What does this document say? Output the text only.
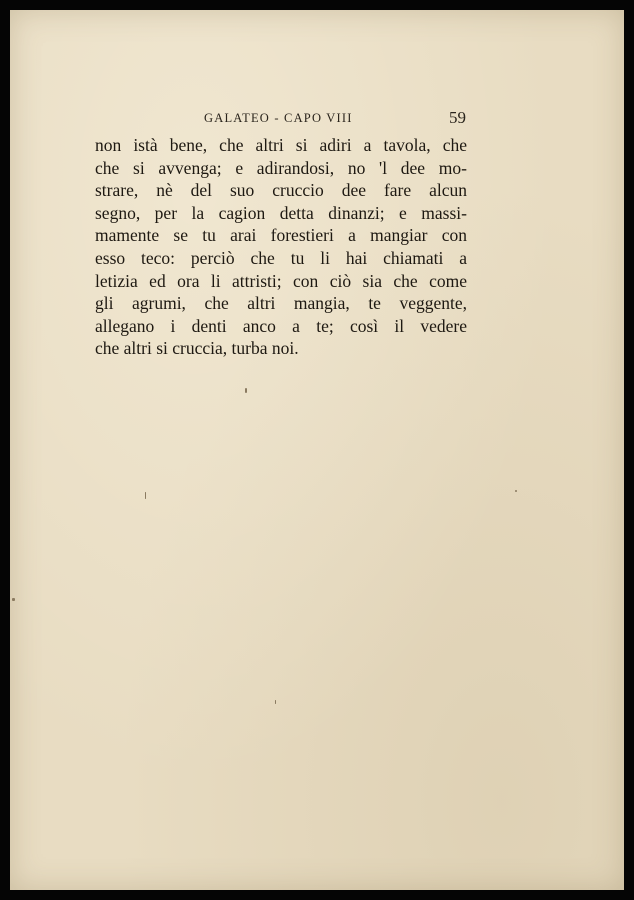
GALATEO - CAPO VIII	59
non istà bene, che altri si adiri a tavola, che
che si avvenga; e adirandosi, no 'l dee mo-
strare, nè del suo cruccio dee fare alcun
segno, per la cagion detta dinanzi; e massi-
mamente se tu arai forestieri a mangiar con
esso teco: perciò che tu li hai chiamati a
letizia ed ora li attristi; con ciò sia che come
gli agrumi, che altri mangia, te veggente,
allegano i denti anco a te; così il vedere
che altri si cruccia, turba noi.
